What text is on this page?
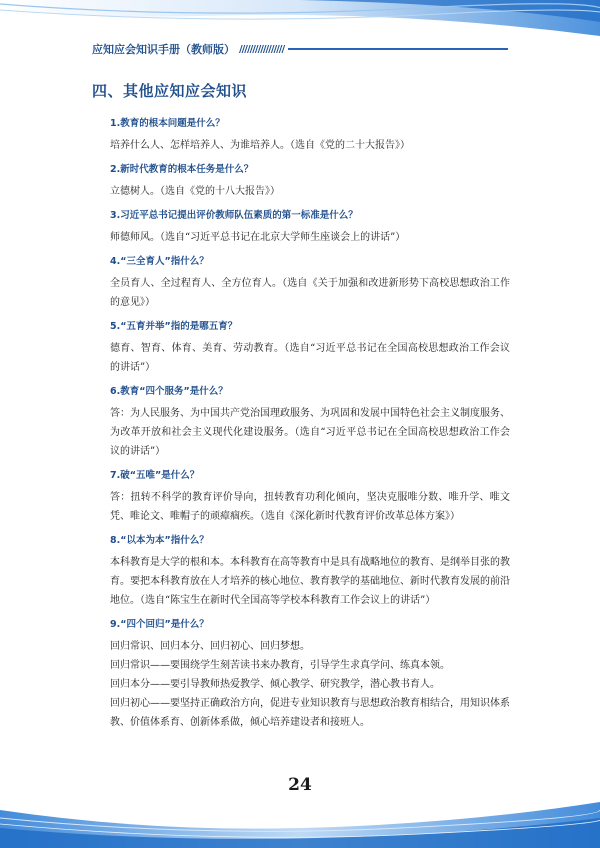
应知应会知识手册（教师版） /////////////////
四、其他应知应会知识
1.教育的根本问题是什么？
培养什么人、怎样培养人、为谁培养人。（选自《党的二十大报告》）
2.新时代教育的根本任务是什么？
立德树人。（选自《党的十八大报告》）
3.习近平总书记提出评价教师队伍素质的第一标准是什么？
师德师风。（选自“习近平总书记在北京大学师生座谈会上的讲话”）
4.“三全育人”指什么？
全员育人、全过程育人、全方位育人。（选自《关于加强和改进新形势下高校思想政治工作的意见》）
5.“五育并举”指的是哪五育？
德育、智育、体育、美育、劳动教育。（选自“习近平总书记在全国高校思想政治工作会议的讲话”）
6.教育“四个服务”是什么？
答：为人民服务、为中国共产党治国理政服务、为巩固和发展中国特色社会主义制度服务、为改革开放和社会主义现代化建设服务。（选自“习近平总书记在全国高校思想政治工作会议的讲话”）
7.破“五唯”是什么？
答：扭转不科学的教育评价导向，扭转教育功利化倾向，坚决克服唯分数、唯升学、唯文凭、唯论文、唯帽子的顽瘴痼疾。（选自《深化新时代教育评价改革总体方案》）
8.“以本为本”指什么？
本科教育是大学的根和本。本科教育在高等教育中是具有战略地位的教育、是纲举目张的教育。要把本科教育放在人才培养的核心地位、教育教学的基础地位、新时代教育发展的前沿地位。（选自“陈宝生在新时代全国高等学校本科教育工作会议上的讲话”）
9.“四个回归”是什么？
回归常识、回归本分、回归初心、回归梦想。
回归常识——要围绕学生刻苦读书来办教育，引导学生求真学问、练真本领。
回归本分——要引导教师热爱教学、倾心教学、研究教学，潜心教书育人。
回归初心——要坚持正确政治方向，促进专业知识教育与思想政治教育相结合，用知识体系教、价值体系育、创新体系做，倾心培养建设者和接班人。
24
